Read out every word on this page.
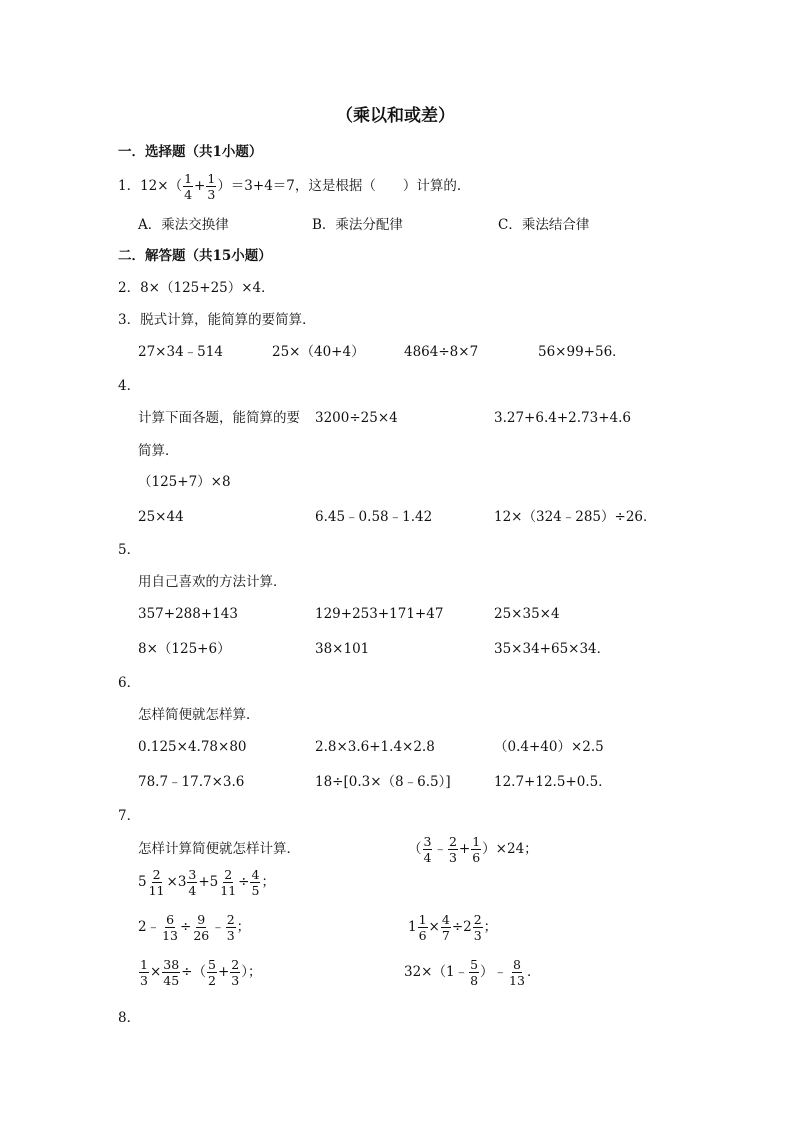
（乘以和或差）
一．选择题（共1小题）
1． $12\times( \frac{1}{4} + \frac{1}{3} )=3+4=7$，这是根据（　　）计算的．
A．乘法交换律	B．乘法分配律	C．乘法结合律
二．解答题（共15小题）
2．8×（125+25）×4．
3．脱式计算，能简算的要简算．
27×34﹣514	25×（40+4）	4864÷8×7	56×99+56．
4．
计算下面各题，能简算的要 3200÷25×4	3.27+6.4+2.73+4.6
简算．
（125+7）×8
25×44	6.45﹣0.58﹣1.42	12×（324﹣285）÷26．
5．
用自己喜欢的方法计算．
357+288+143	129+253+171+47	25×35×4
8×（125+6）	38×101	35×34+65×34．
6．
怎样简便就怎样算．
0.125×4.78×80	2.8×3.6+1.4×2.8	（0.4+40）×2.5
78.7﹣17.7×3.6	18÷[0.3×（8﹣6.5）]	12.7+12.5+0.5．
7．
怎样计算简便就怎样计算．	（ $\frac{3}{4}$ ﹣ $\frac{2}{3} + \frac{1}{6} )\times 24$；
$5 \frac{2}{11} \times 3 \frac{3}{4} + 5 \frac{2}{11} \div \frac{4}{5}$ ；
2﹣ $\frac{6}{13} \div \frac{9}{26}$ ﹣ $\frac{2}{3}$ ；	$1 \frac{1}{6} \times \frac{4}{7} \div 2 \frac{2}{3}$ ；
$\frac{1}{3} \times \frac{38}{45}$ ÷ （ $\frac{5}{2} + \frac{2}{3}$ ）；	32×（1﹣ $\frac{5}{8}$ ）﹣ $\frac{8}{13}$ ．
8．
